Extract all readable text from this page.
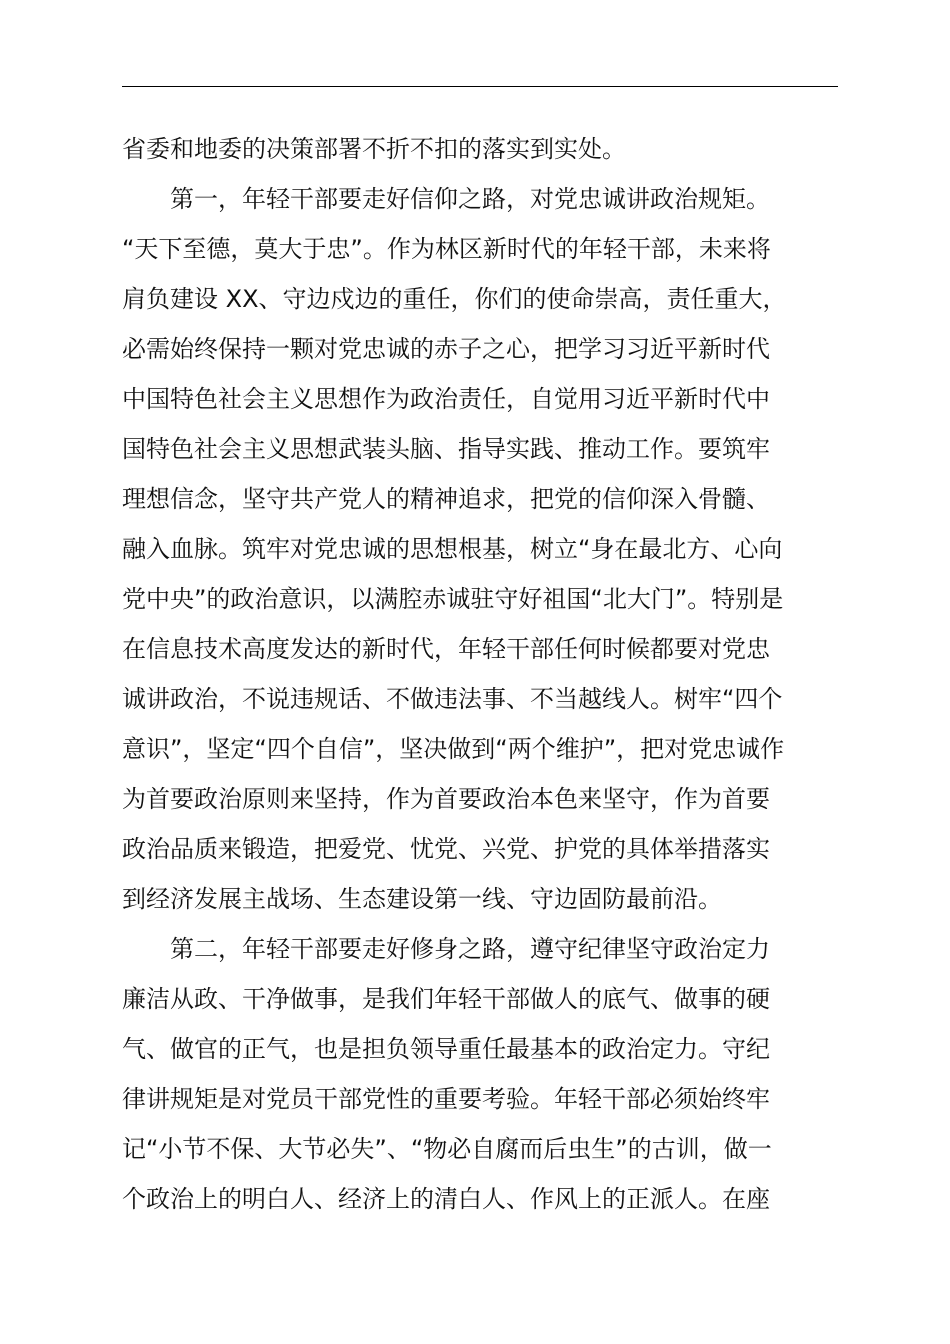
省委和地委的决策部署不折不扣的落实到实处。
　　第一，年轻干部要走好信仰之路，对党忠诚讲政治规矩。
“天下至德，莫大于忠”。作为林区新时代的年轻干部，未来将
肩负建设 XX、守边戍边的重任，你们的使命崇高，责任重大，
必需始终保持一颗对党忠诚的赤子之心，把学习习近平新时代
中国特色社会主义思想作为政治责任，自觉用习近平新时代中
国特色社会主义思想武装头脑、指导实践、推动工作。要筑牢
理想信念，坚守共产党人的精神追求，把党的信仰深入骨髓、
融入血脉。筑牢对党忠诚的思想根基，树立“身在最北方、心向
党中央”的政治意识，以满腔赤诚驻守好祖国“北大门”。特别是
在信息技术高度发达的新时代，年轻干部任何时候都要对党忠
诚讲政治，不说违规话、不做违法事、不当越线人。树牢“四个
意识”，坚定“四个自信”，坚决做到“两个维护”，把对党忠诚作
为首要政治原则来坚持，作为首要政治本色来坚守，作为首要
政治品质来锻造，把爱党、忧党、兴党、护党的具体举措落实
到经济发展主战场、生态建设第一线、守边固防最前沿。
　　第二，年轻干部要走好修身之路，遵守纪律坚守政治定力
廉洁从政、干净做事，是我们年轻干部做人的底气、做事的硬
气、做官的正气，也是担负领导重任最基本的政治定力。守纪
律讲规矩是对党员干部党性的重要考验。年轻干部必须始终牢
记“小节不保、大节必失”、“物必自腐而后虫生”的古训，做一
个政治上的明白人、经济上的清白人、作风上的正派人。在座
